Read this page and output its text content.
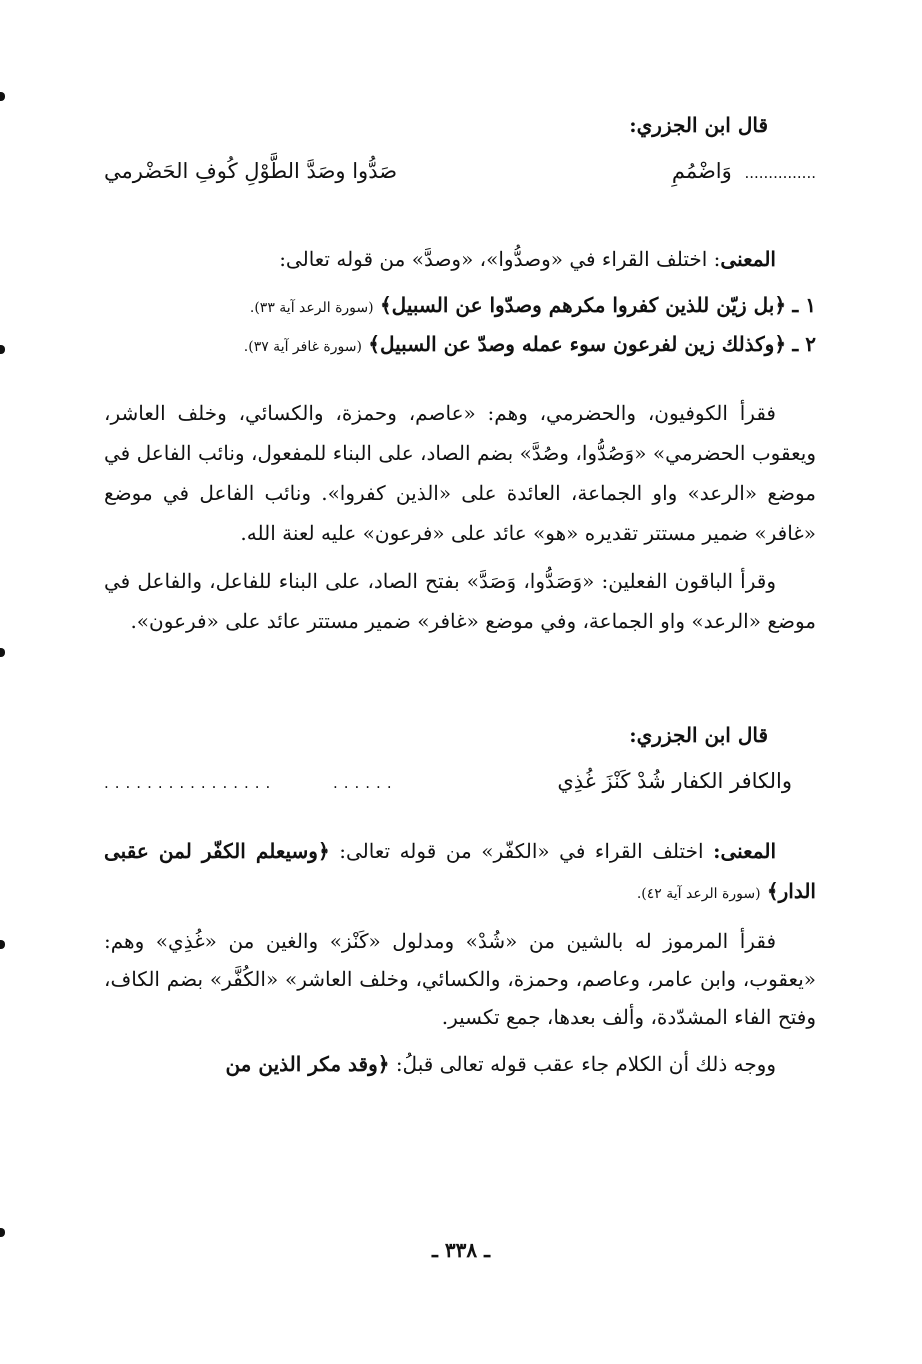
قال ابن الجزري:
............... وَاضْمُمِ
صَدُّوا وصَدَّ الطَّوْلِ كُوفِ الحَضْرمي

المعنى: اختلف القراء في «وصدُّوا»، «وصدَّ» من قوله تعالى:

١ ـ ﴿بل زيّن للذين كفروا مكرهم وصدّوا عن السبيل﴾ (سورة الرعد آية ٣٣).

٢ ـ ﴿وكذلك زين لفرعون سوء عمله وصدّ عن السبيل﴾ (سورة غافر آية ٣٧).

فقرأ الكوفيون، والحضرمي، وهم: «عاصم، وحمزة، والكسائي، وخلف العاشر، ويعقوب الحضرمي» «وَصُدُّوا، وصُدَّ» بضم الصاد، على البناء للمفعول، ونائب الفاعل في موضع «الرعد» واو الجماعة، العائدة على «الذين كفروا». ونائب الفاعل في موضع «غافر» ضمير مستتر تقديره «هو» عائد على «فرعون» عليه لعنة الله.

وقرأ الباقون الفعلين: «وَصَدُّوا، وَصَدَّ» بفتح الصاد، على البناء للفاعل، والفاعل في موضع «الرعد» واو الجماعة، وفي موضع «غافر» ضمير مستتر عائد على «فرعون».

قال ابن الجزري:
والكافر الكفار شُدْ كَنْزَ غُذِي
...... ................

المعنى: اختلف القراء في «الكفّر» من قوله تعالى: ﴿وسيعلم الكفّر لمن عقبى الدار﴾ (سورة الرعد آية ٤٢).

فقرأ المرموز له بالشين من «شُدْ» ومدلول «كَنْز» والغين من «غُذِي» وهم: «يعقوب، وابن عامر، وعاصم، وحمزة، والكسائي، وخلف العاشر» «الكُفَّر» بضم الكاف، وفتح الفاء المشدّدة، وألف بعدها، جمع تكسير.

ووجه ذلك أن الكلام جاء عقب قوله تعالى قبلُ: ﴿وقد مكر الذين من

ـ ٣٣٨ ـ
